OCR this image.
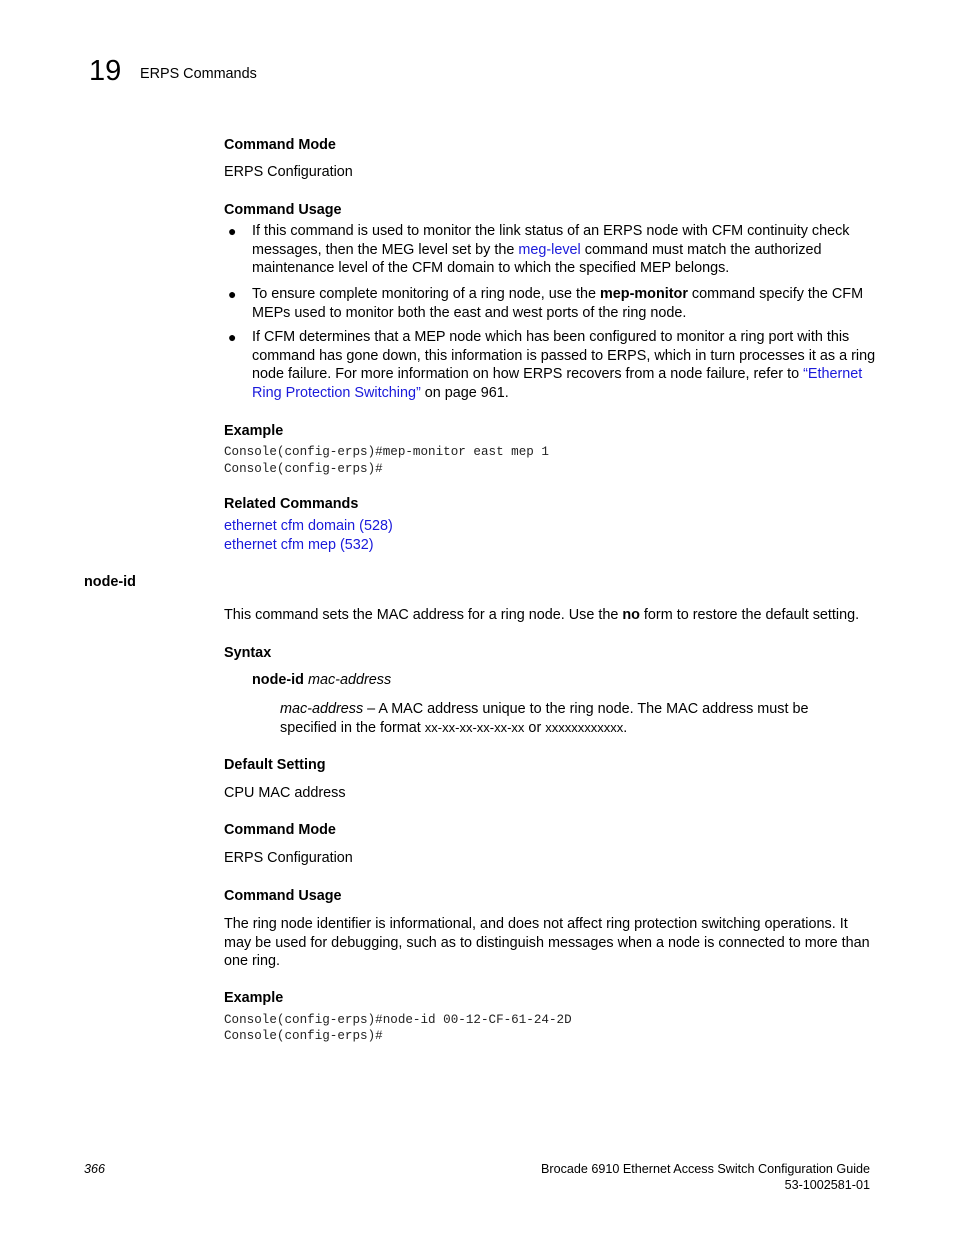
19 ERPS Commands
Command Mode
ERPS Configuration
Command Usage
● If this command is used to monitor the link status of an ERPS node with CFM continuity check messages, then the MEG level set by the meg-level command must match the authorized maintenance level of the CFM domain to which the specified MEP belongs.
● To ensure complete monitoring of a ring node, use the mep-monitor command specify the CFM MEPs used to monitor both the east and west ports of the ring node.
● If CFM determines that a MEP node which has been configured to monitor a ring port with this command has gone down, this information is passed to ERPS, which in turn processes it as a ring node failure. For more information on how ERPS recovers from a node failure, refer to “Ethernet Ring Protection Switching” on page 961.
Example
Console(config-erps)#mep-monitor east mep 1
Console(config-erps)#
Related Commands
ethernet cfm domain (528)
ethernet cfm mep (532)
node-id
This command sets the MAC address for a ring node. Use the no form to restore the default setting.
Syntax
node-id mac-address
mac-address – A MAC address unique to the ring node. The MAC address must be
specified in the format xx-xx-xx-xx-xx-xx or xxxxxxxxxxxx.
Default Setting
CPU MAC address
Command Mode
ERPS Configuration
Command Usage
The ring node identifier is informational, and does not affect ring protection switching operations. It may be used for debugging, such as to distinguish messages when a node is connected to more than one ring.
Example
Console(config-erps)#node-id 00-12-CF-61-24-2D
Console(config-erps)#
366	Brocade 6910 Ethernet Access Switch Configuration Guide
53-1002581-01
